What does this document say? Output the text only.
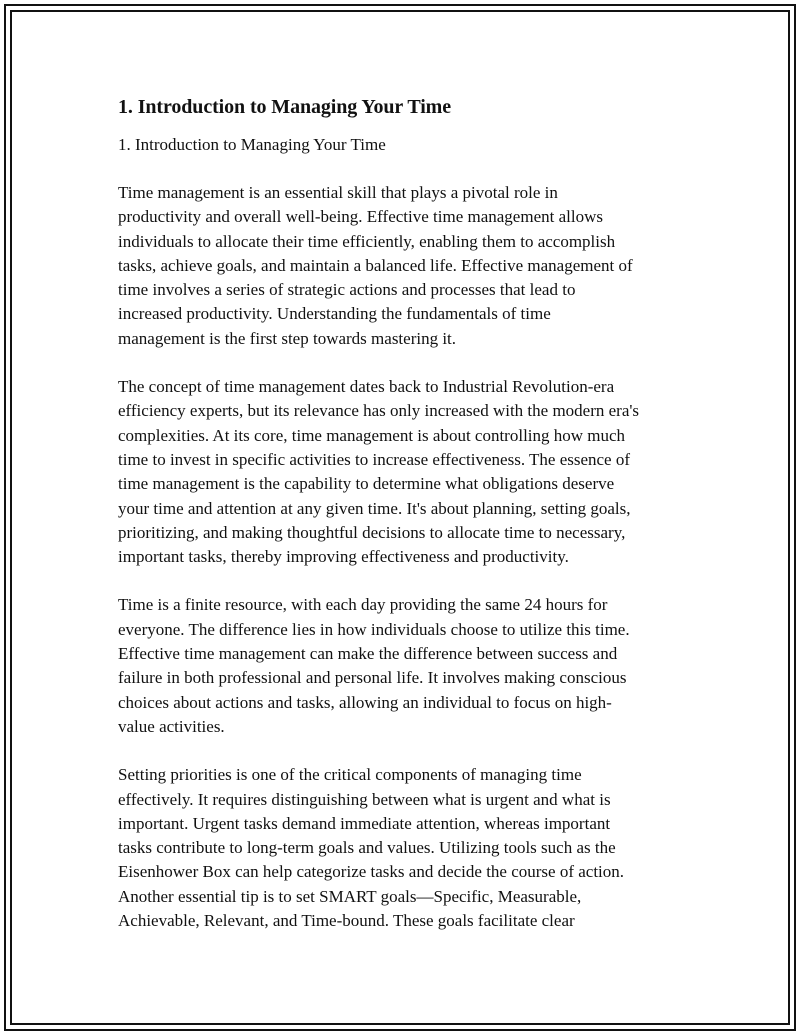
1. Introduction to Managing Your Time

1. Introduction to Managing Your Time

Time management is an essential skill that plays a pivotal role in
productivity and overall well-being. Effective time management allows
individuals to allocate their time efficiently, enabling them to accomplish
tasks, achieve goals, and maintain a balanced life. Effective management of
time involves a series of strategic actions and processes that lead to
increased productivity. Understanding the fundamentals of time
management is the first step towards mastering it.

The concept of time management dates back to Industrial Revolution-era
efficiency experts, but its relevance has only increased with the modern era's
complexities. At its core, time management is about controlling how much
time to invest in specific activities to increase effectiveness. The essence of
time management is the capability to determine what obligations deserve
your time and attention at any given time. It's about planning, setting goals,
prioritizing, and making thoughtful decisions to allocate time to necessary,
important tasks, thereby improving effectiveness and productivity.

Time is a finite resource, with each day providing the same 24 hours for
everyone. The difference lies in how individuals choose to utilize this time.
Effective time management can make the difference between success and
failure in both professional and personal life. It involves making conscious
choices about actions and tasks, allowing an individual to focus on high-
value activities.

Setting priorities is one of the critical components of managing time
effectively. It requires distinguishing between what is urgent and what is
important. Urgent tasks demand immediate attention, whereas important
tasks contribute to long-term goals and values. Utilizing tools such as the
Eisenhower Box can help categorize tasks and decide the course of action.
Another essential tip is to set SMART goals—Specific, Measurable,
Achievable, Relevant, and Time-bound. These goals facilitate clear
